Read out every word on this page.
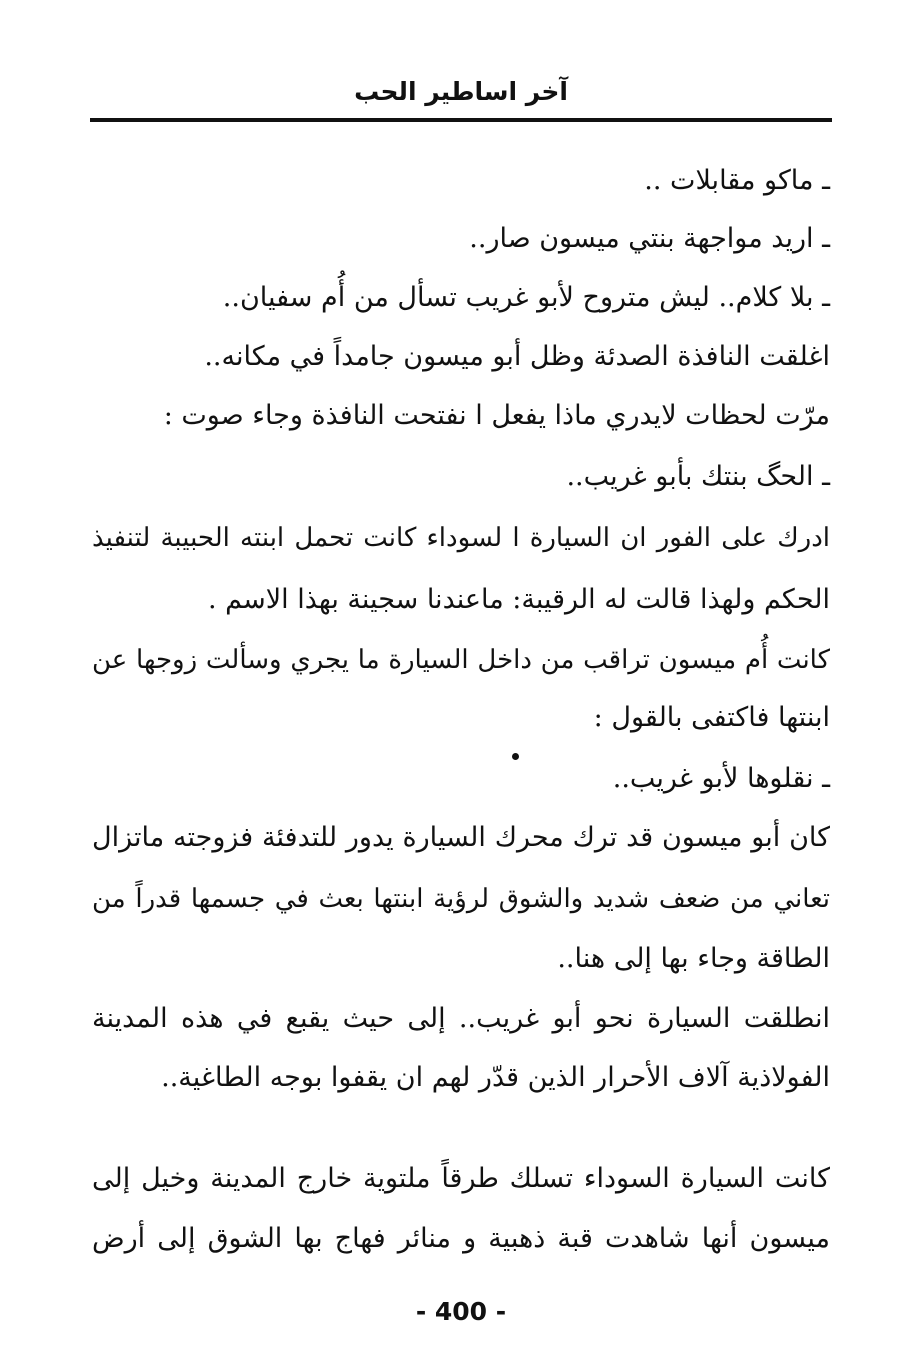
آخر اساطير الحب
ـ ماكو مقابلات ..
ـ اريد مواجهة بنتي ميسون صار..
ـ بلا كلام.. ليش متروح لأبو غريب تسأل من أُم سفيان..
اغلقت النافذة الصدئة وظل أبو ميسون جامداً في مكانه..
مرّت لحظات لايدري ماذا يفعل ا نفتحت النافذة وجاء صوت :
ـ الحگ بنتك بأبو غريب..
ادرك على الفور ان السيارة ا لسوداء كانت تحمل ابنته الحبيبة لتنفيذ
الحكم ولهذا قالت له الرقيبة: ماعندنا سجينة بهذا الاسم .
كانت أُم ميسون تراقب من داخل السيارة ما يجري وسألت زوجها عن
ابنتها فاكتفى بالقول :
ـ نقلوها لأبو غريب..
كان أبو ميسون قد ترك محرك السيارة يدور للتدفئة فزوجته ماتزال
تعاني من ضعف شديد والشوق لرؤية ابنتها بعث في جسمها قدراً من
الطاقة وجاء بها إلى هنا..
انطلقت السيارة نحو أبو غريب.. إلى حيث يقبع في هذه المدينة
الفولاذية آلاف الأحرار الذين قدّر لهم ان يقفوا بوجه الطاغية..
كانت السيارة السوداء تسلك طرقاً ملتوية خارج المدينة وخيل إلى
ميسون أنها شاهدت قبة ذهبية و منائر فهاج بها الشوق إلى أرض
- 400 -
